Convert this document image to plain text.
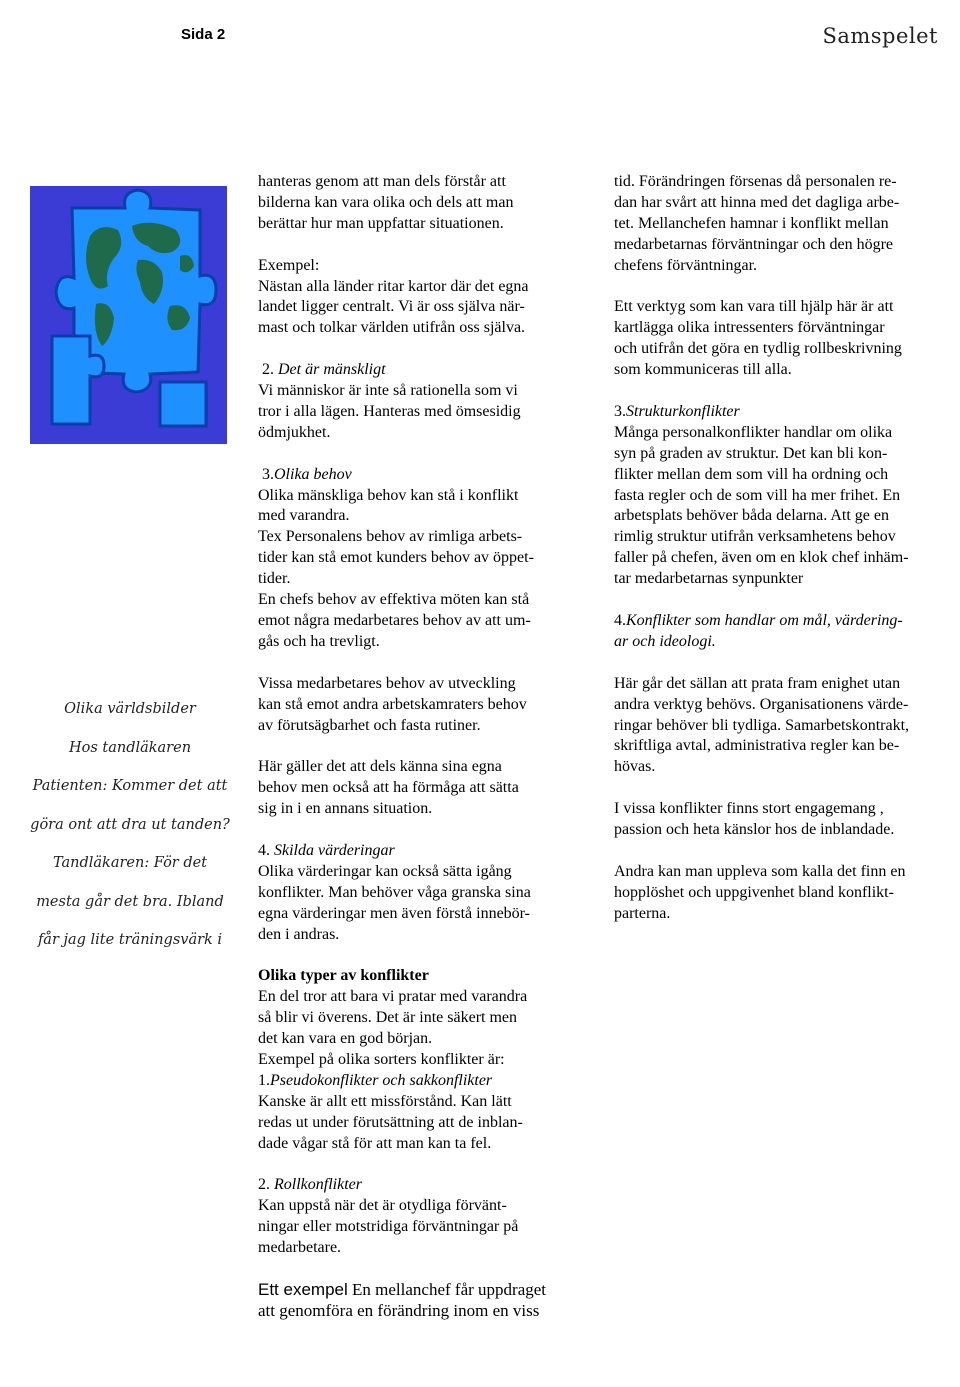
Sida 2	Samspelet
Olika världsbilder
Hos tandläkaren
Patienten: Kommer det att
göra ont att dra ut tanden?
Tandläkaren: För det
mesta går det bra. Ibland
får jag lite träningsvärk i

hanteras genom att man dels förstår att
bilderna kan vara olika och dels att man
berättar hur man uppfattar situationen.

Exempel:

Nästan alla länder ritar kartor där det egna
landet ligger centralt. Vi är oss själva när-
mast och tolkar världen utifrån oss själva.

2. Det är mänskligt

Vi människor är inte så rationella som vi
tror i alla lägen. Hanteras med ömsesidig
ödmjukhet.

3.Olika behov

Olika mänskliga behov kan stå i konflikt
med varandra.

Tex Personalens behov av rimliga arbets-
tider kan stå emot kunders behov av öppet-
tider.

En chefs behov av effektiva möten kan stå
emot några medarbetares behov av att um-
gås och ha trevligt.

Vissa medarbetares behov av utveckling
kan stå emot andra arbetskamraters behov
av förutsägbarhet och fasta rutiner.

Här gäller det att dels känna sina egna
behov men också att ha förmåga att sätta
sig in i en annans situation.

4. Skilda värderingar

Olika värderingar kan också sätta igång
konflikter. Man behöver våga granska sina
egna värderingar men även förstå innebör-
den i andras.

Olika typer av konflikter

En del tror att bara vi pratar med varandra
så blir vi överens. Det är inte säkert men
det kan vara en god början.

Exempel på olika sorters konflikter är:

1.Pseudokonflikter och sakkonflikter

Kanske är allt ett missförstånd. Kan lätt
redas ut under förutsättning att de inblan-
dade vågar stå för att man kan ta fel.

2. Rollkonflikter

Kan uppstå när det är otydliga förvänt-
ningar eller motstridiga förväntningar på
medarbetare.

Ett exempel En mellanchef får uppdraget

att genomföra en förändring inom en viss

tid. Förändringen försenas då personalen re-
dan har svårt att hinna med det dagliga arbe-
tet. Mellanchefen hamnar i konflikt mellan
medarbetarnas förväntningar och den högre
chefens förväntningar.

Ett verktyg som kan vara till hjälp här är att
kartlägga olika intressenters förväntningar
och utifrån det göra en tydlig rollbeskrivning
som kommuniceras till alla.

3.Strukturkonflikter

Många personalkonflikter handlar om olika
syn på graden av struktur. Det kan bli kon-
flikter mellan dem som vill ha ordning och
fasta regler och de som vill ha mer frihet. En
arbetsplats behöver båda delarna. Att ge en
rimlig struktur utifrån verksamhetens behov
faller på chefen, även om en klok chef inhäm-
tar medarbetarnas synpunkter

4.Konflikter som handlar om mål, värdering-
ar och ideologi.

Här går det sällan att prata fram enighet utan
andra verktyg behövs. Organisationens värde-
ringar behöver bli tydliga. Samarbetskontrakt,
skriftliga avtal, administrativa regler kan be-
hövas.

I vissa konflikter finns stort engagemang ,
passion och heta känslor hos de inblandade.

Andra kan man uppleva som kalla det finn en
hopplöshet och uppgivenhet bland konflikt-
parterna.
